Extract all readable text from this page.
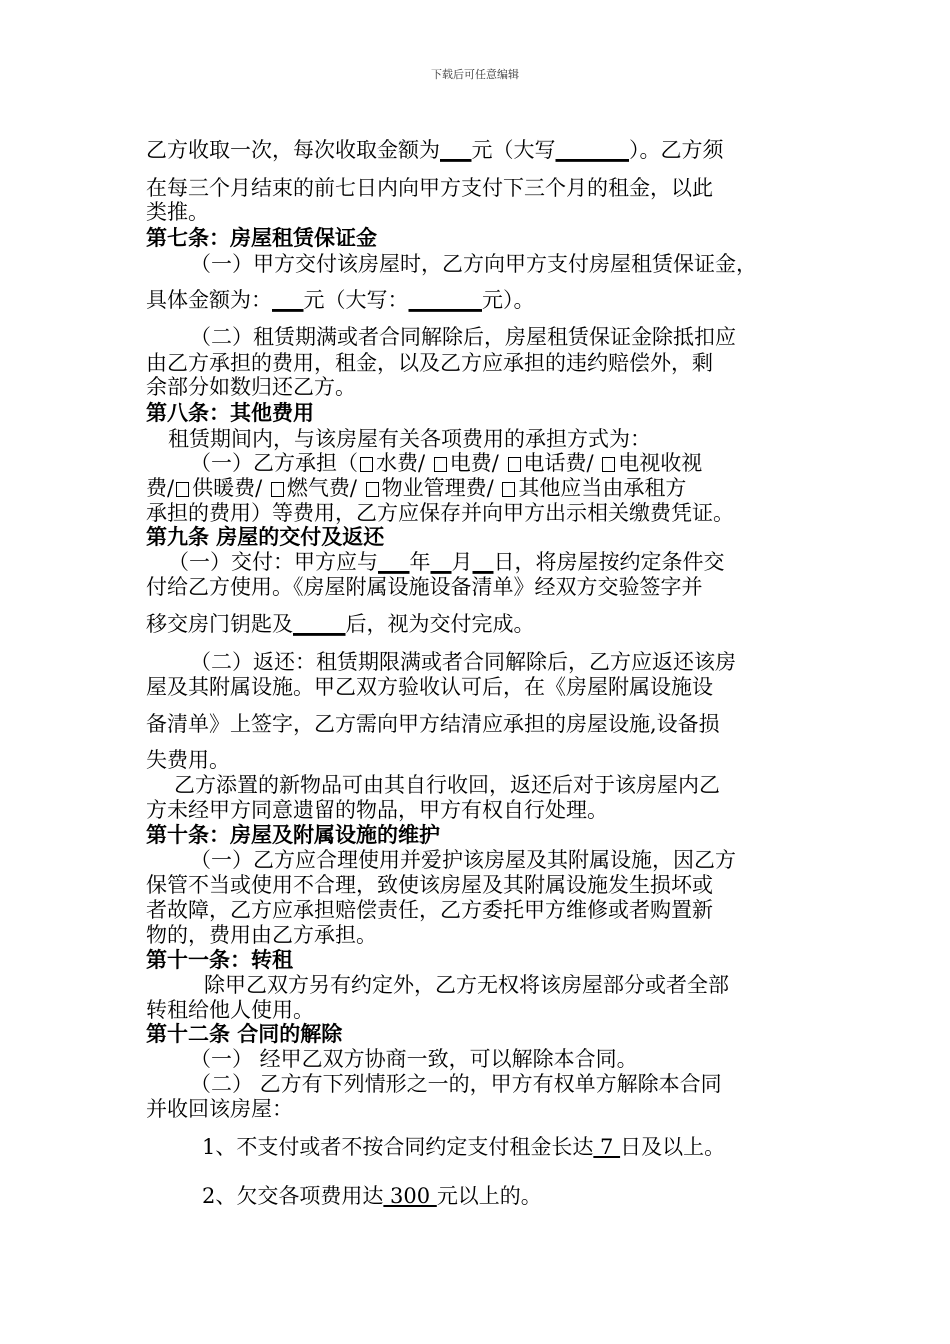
下载后可任意编辑
乙方收取一次，每次收取金额为___元（大写_______）。乙方须
在每三个月结束的前七日内向甲方支付下三个月的租金，以此
类推。
第七条：房屋租赁保证金
（一）甲方交付该房屋时，乙方向甲方支付房屋租赁保证金，
具体金额为：___元（大写：_______元）。
（二）租赁期满或者合同解除后，房屋租赁保证金除抵扣应
由乙方承担的费用，租金，以及乙方应承担的违约赔偿外，剩
余部分如数归还乙方。
第八条：其他费用
租赁期间内，与该房屋有关各项费用的承担方式为：
（一）乙方承担（ 水费/ 电费/ 电话费/ 电视收视
费/ 供暖费/ 燃气费/ 物业管理费/ 其他应当由承租方
承担的费用）等费用，乙方应保存并向甲方出示相关缴费凭证。
第九条 房屋的交付及返还
（一）交付：甲方应与___年__月__日，将房屋按约定条件交
付给乙方使用。《房屋附属设施设备清单》经双方交验签字并
移交房门钥匙及_____后，视为交付完成。
（二）返还：租赁期限满或者合同解除后，乙方应返还该房
屋及其附属设施。甲乙双方验收认可后，在《房屋附属设施设
备清单》上签字，乙方需向甲方结清应承担的房屋设施,设备损
失费用。
乙方添置的新物品可由其自行收回，返还后对于该房屋内乙
方未经甲方同意遗留的物品，甲方有权自行处理。
第十条：房屋及附属设施的维护
（一）乙方应合理使用并爱护该房屋及其附属设施，因乙方
保管不当或使用不合理，致使该房屋及其附属设施发生损坏或
者故障，乙方应承担赔偿责任，乙方委托甲方维修或者购置新
物的，费用由乙方承担。
第十一条：转租
除甲乙双方另有约定外，乙方无权将该房屋部分或者全部
转租给他人使用。
第十二条 合同的解除
（一） 经甲乙双方协商一致，可以解除本合同。
（二） 乙方有下列情形之一的，甲方有权单方解除本合同
并收回该房屋：
1、不支付或者不按合同约定支付租金长达 7 日及以上。
2、欠交各项费用达 300 元以上的。
